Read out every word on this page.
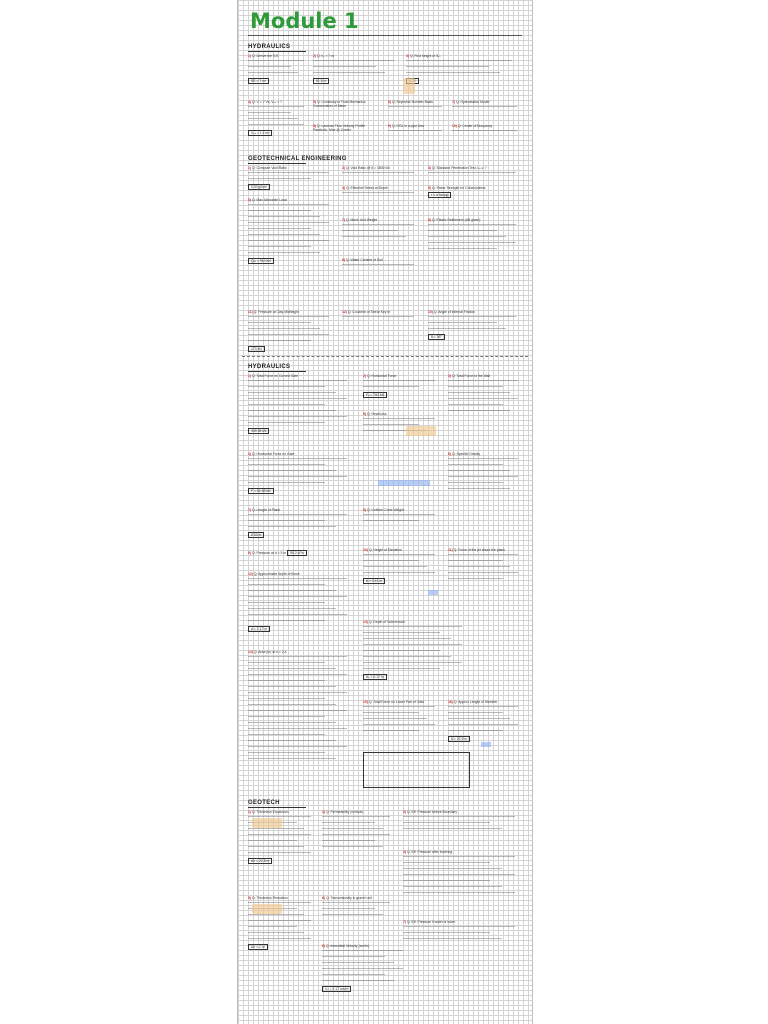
Module 1
HYDRAULICS
1) Q: Derive the S.E.
SE = 7 m²
2) Q: h₁ = ? m
61.5 m
3) Q: Find height of Sₚᵣ
4) Q: V = ? Vs, Vₚₑ = ?
Vₚₑ = 1.4 m³
5) Q: Continuity in Fluid Mechanics
Conservation of Mass
6) Q: Reynolds Number Basis	7) Q: Hydrostatics Model
8) Q: Laminar Flow Velocity Profile
Parabolic, Max @ Center
9) Q: HGL in a pipe flow	10) Q: Center of Buoyancy
GEOTECHNICAL ENGINEERING
1) Q: Compute Void Ratio
0.30 g/cm³
2) Q: Void Ratio @ 6 = 1800 kN	3) Q: Standard Penetration Test, Lₚ ≥ ?
4) Q: Effective Stress at Depth	5) Q: Shear Strength for Cohesionless
τ = σ tan(φ)
6) Q: Max Allowable Load
Qₐₗₗ = 910 kN
7) Q: Mesh Unit Weight	8) Q: Plastic Settlement (AB given)
9) Q: Water Content of Soil
11) Q: Pressure at Clay Midheight
170 kN
12) Q: Coulomb of Shear Key in	10) Q: Angle of Internal Friction
θ = 55°
HYDRAULICS
1) Q: Total Force on Curved Gate
349.98 kN
2) Q: Horizontal Force
Fₕ = 753 kN
3) Q: Total Force to the Wall
5) Q: Head loss
4) Q: Horizontal Force on Gate
F = 61.98 kN
6) Q: Specific Gravity
7) Q: Length of Plank
5.53 m
8) Q: Uniform Crest Weight
9) Q: Pressure at d = 5 m 58.2 kPa
10) Q: Height of Elevation
8 = 3.41 m
11) Q: Force of the jet about the plank
12) Q: Approximate depth of flume
d = 1.17 m
13) Q: Depth of Submersion
Aₛ = 0.17 m
14) Q: Area (m) at n = 2.4
15) Q: Total Force on Lower Part of Gate	16) Q: Approx Length of Member
8 = 22.9 m
GEOTECH
1) Q: Thickness Expansion
Δh = 22.8 m
2) Q: Permeability (vertical)	3) Q: Eff. Pressure before Boundary
4) Q: Eff. Pressure after lowering
5) Q: Thickness Reduction
Δh = 1 m
6) Q: Transmissivity in gravel unit
7) Q: Eff. Pressure if water is lower
8) Q: Interstitial Velocity (cm/hr)
Vₛ = 0.17 cm/hr
